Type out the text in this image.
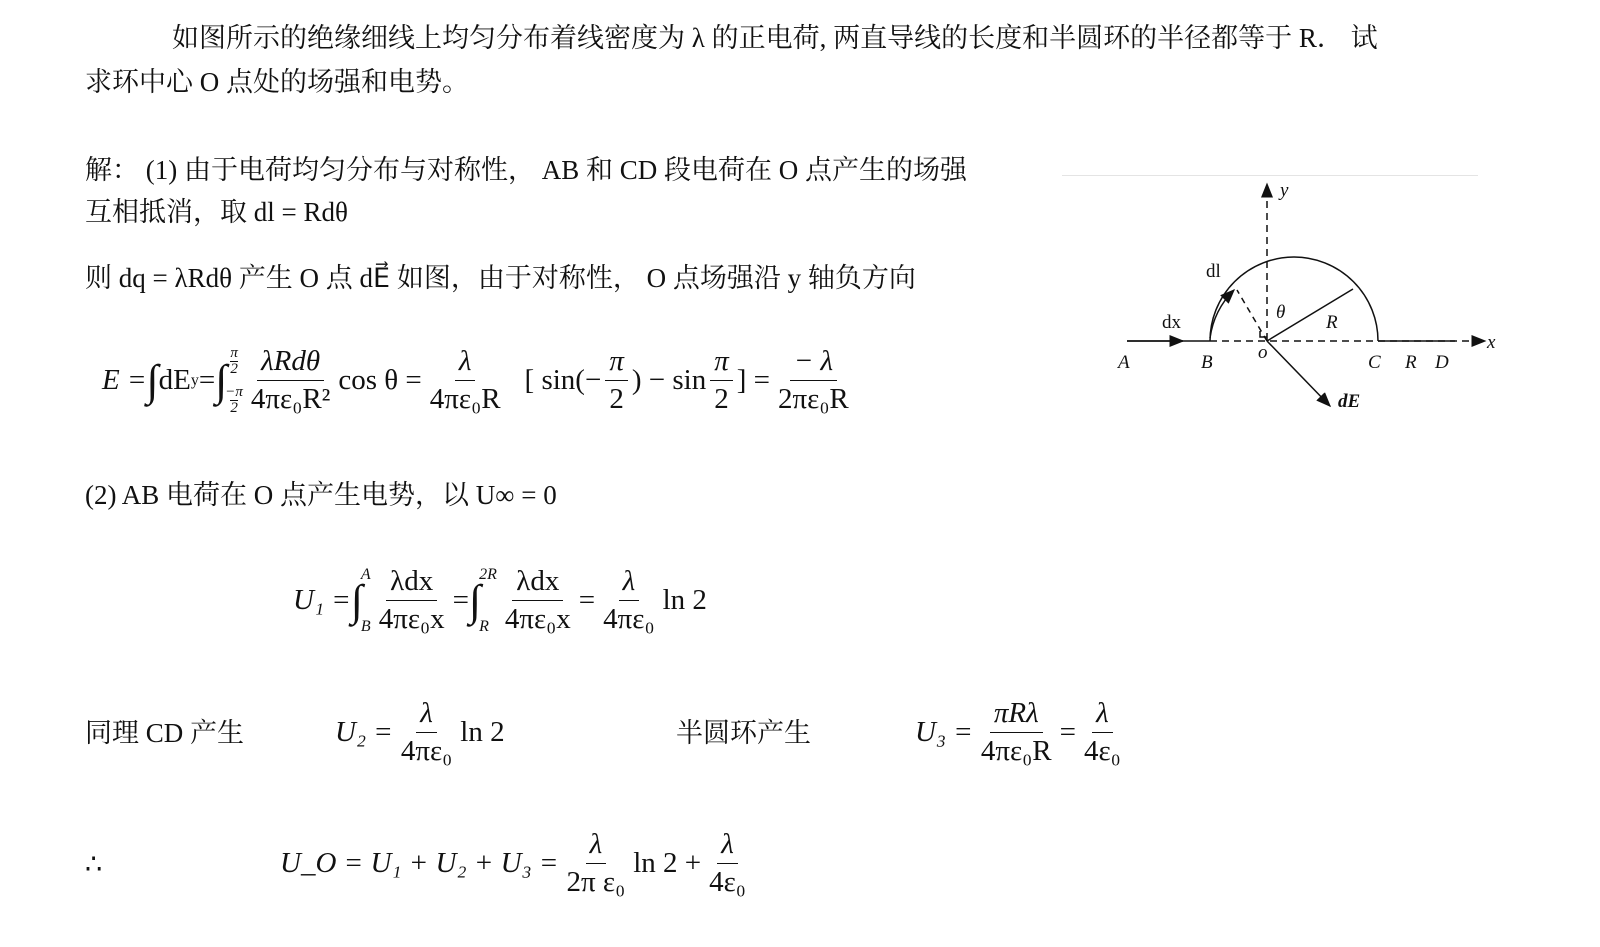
如图所示的绝缘细线上均匀分布着线密度为 λ 的正电荷, 两直导线的长度和半圆环的半径都等于 R． 试
求环中心 O 点处的场强和电势。
解： (1) 由于电荷均匀分布与对称性， AB 和 CD 段电荷在 O 点产生的场强
互相抵消，取 dl = Rdθ
则 dq = λRdθ 产生 O 点 dE⃗ 如图，由于对称性， O 点场强沿 y 轴负方向
E = ∫ dE y = ∫
π
2
−π
2
λRdθ
4πε₀R²
$\cos \theta = \frac{\lambda}{\text{4πε₀R}}$ [ $\sin(- \frac{\pi}{2}$ ) − $\sin \frac{\pi}{2}$ ] = $\frac{- \lambda}{\text{2πε₀R}}$
(2) AB 电荷在 O 点产生电势，以 U∞ = 0
U₁ = ∫
A
B
λdx
4πε₀x
= ∫
2R
R
λdx
4πε₀x
= $\frac{\lambda}{\text{4πε₀}}$ ln 2
同理 CD 产生	$U_2 = \frac{\lambda}{\text{4πε₀}}$ ln 2	半圆环产生	U₃ =
πRλ
4πε₀R
= $\frac{\lambda}{\text{4ε₀}}$
∴	U_O = $U_1 + U_2 + U_3 = \frac{\lambda}{\text{2π ε₀}}$ $\ln 2 + \frac{\lambda}{\text{4ε₀}}$
y
x
dl
dx	θ R
A	B o	C R D
dE
